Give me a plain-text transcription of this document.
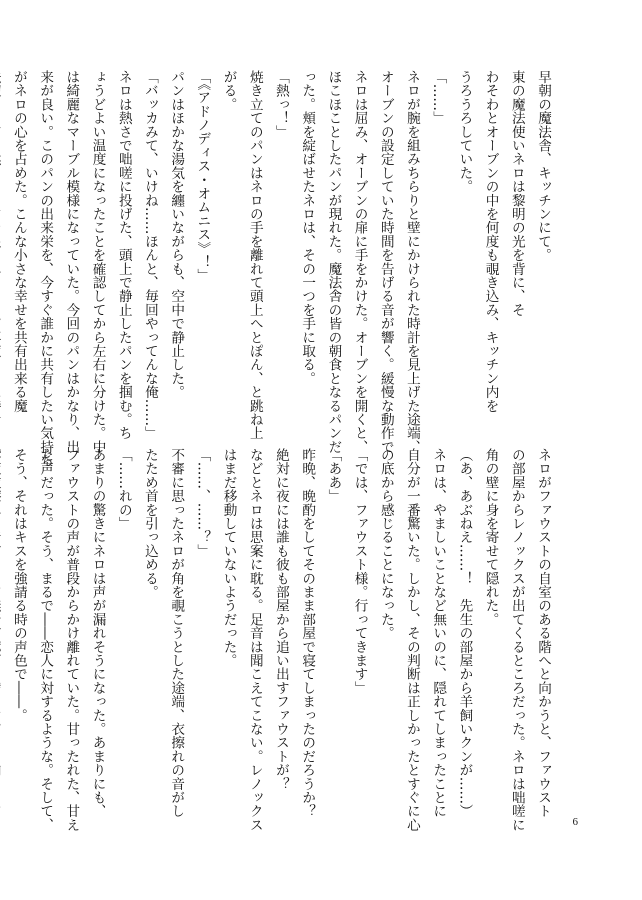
早朝の魔法舎、キッチンにて。
東の魔法使いネロは黎明の光を背に、そ
わそわとオーブンの中を何度も覗き込み、キッチン内を
うろうろしていた。
「……」
ネロが腕を組みちらりと壁にかけられた時計を見上げた途端、
オーブンの設定していた時間を告げる音が響く。緩慢な動作で
ネロは屈み、オーブンの扉に手をかけた。オーブンを開くと、
ほこほことしたパンが現れた。魔法舎の皆の朝食となるパンだ
った。頬を綻ばせたネロは、その一つを手に取る。
「熱っ！」
焼き立てのパンはネロの手を離れて頭上へとぽん、と跳ね上
がる。
「《アドノディス・オムニス》！」
パンはほかな湯気を纏いながらも、空中で静止した。
「バッカみて、いけね……ほんと、毎回やってんな俺……」
ネロは熱さで咄嗟に投げた、頭上で静止したパンを掴む。ち
ょうどよい温度になったことを確認してから左右に分けた。中
は綺麗なマーブル模様になっていた。今回のパンはかなり、出
来が良い。このパンの出来栄を、今すぐ誰かに共有したい気持ち
がネロの心を占めた。こんな小さな幸せを共有出来る魔
ネロがファウストの自室のある階へと向かうと、ファウスト
の部屋からレノックスが出てくるところだった。ネロは咄嗟に
角の壁に身を寄せて隠れた。
（あ、あぶねえ……！　先生の部屋から羊飼いクンが……）
ネロは、やましいことなど無いのに、隠れてしまったことに
自分が一番驚いた。しかし、その判断は正しかったとすぐに心
の底から感じることになった。
「では、ファウスト様。行ってきます」
「ああ」
昨晩、晩酌をしてそのまま部屋で寝てしまったのだろうか？
絶対に夜には誰も彼も部屋から追い出すファウストが？
などとネロは思案に耽る。足音は聞こえてこない。レノックス
はまだ移動していないようだった。
「……、……？」
不審に思ったネロが角を覗こうとした途端、衣擦れの音がし
たため首を引っ込める。
「……れの」
あまりの驚きにネロは声が漏れそうになった。あまりにも、
ファウストの声が普段からかけ離れていた。甘ったれた、甘え
た声だった。そう、まるで――恋人に対するような。そして、
そう、それはキスを強請る時の声色で――。
6
